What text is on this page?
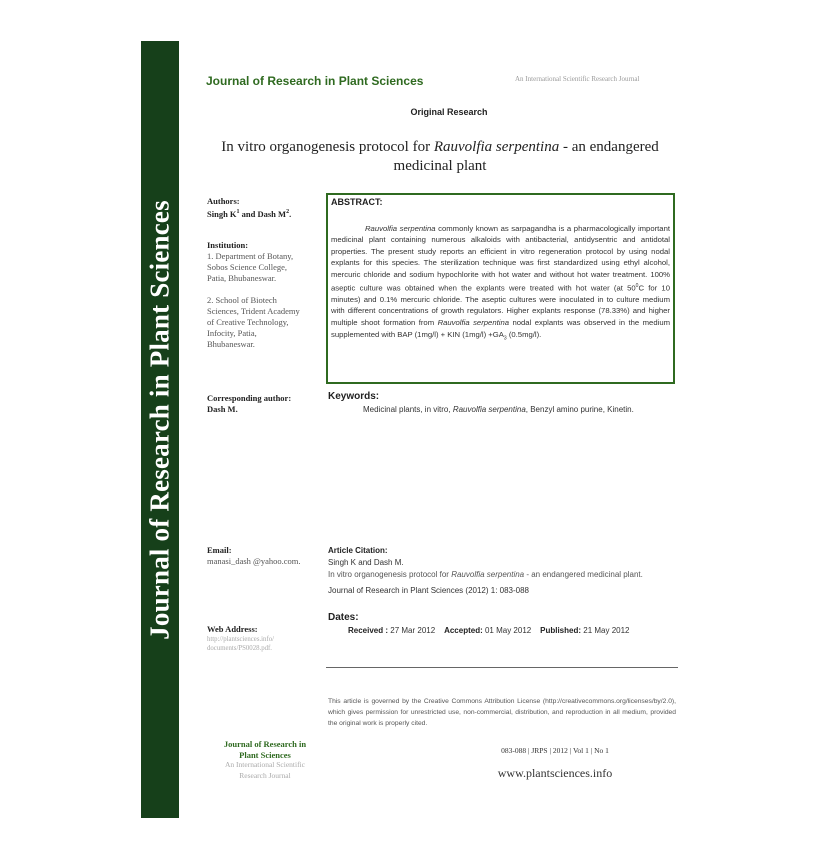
Journal of Research in Plant Sciences
Journal of Research in Plant Sciences	An International Scientific Research Journal
Original Research
In vitro organogenesis protocol for Rauvolfia serpentina - an endangered medicinal plant
Authors:
Singh $K^1$ and Dash $M^2$.
Institution:
1. Department of Botany,
Sobos Science College,
Patia, Bhubaneswar.
2. School of Biotech
Sciences, Trident Academy
of Creative Technology,
Infocity, Patia,
Bhubaneswar.
Corresponding author:
Dash M.
Email:
manasi_dash @yahoo.com.
Web Address:
http://plantsciences.info/
documents/PS0028.pdf.
ABSTRACT:
Rauvolfia serpentina commonly known as sarpagandha is a pharmacologically important medicinal plant containing numerous alkaloids with antibacterial, antidysentric and antidotal properties. The present study reports an efficient in vitro regeneration protocol by using nodal explants for this species. The sterilization technique was first standardized using ethyl alcohol, mercuric chloride and sodium hypochlorite with hot water and without hot water treatment. 100% aseptic culture was obtained when the explants were treated with hot water (at $50^0C$ for 10 minutes) and 0.1% mercuric chloride. The aseptic cultures were inoculated in to culture medium with different concentrations of growth regulators. Higher explants response (78.33%) and higher multiple shoot formation from Rauvolfia serpentina nodal explants was observed in the medium supplemented with BAP (1mg/l) + KIN $(1mg/l) +GA_3$ (0.5mg/l).
Keywords:
Medicinal plants, in vitro, Rauvolfia serpentina, Benzyl amino purine, Kinetin.
Article Citation:
Singh K and Dash M.
In vitro organogenesis protocol for Rauvolfia serpentina - an endangered medicinal plant.
Journal of Research in Plant Sciences (2012) 1: 083-088
Dates:
Received : 27 Mar 2012 Accepted: 01 May 2012 Published: 21 May 2012
This article is governed by the Creative Commons Attribution License (http://creativecommons.org/licenses/by/2.0), which gives permission for unrestricted use, non-commercial, distribution, and reproduction in all medium, provided the original work is properly cited.
Journal of Research in
Plant Sciences
An International Scientific
Research Journal
083-088 | JRPS | 2012 | Vol 1 | No 1
www.plantsciences.info
